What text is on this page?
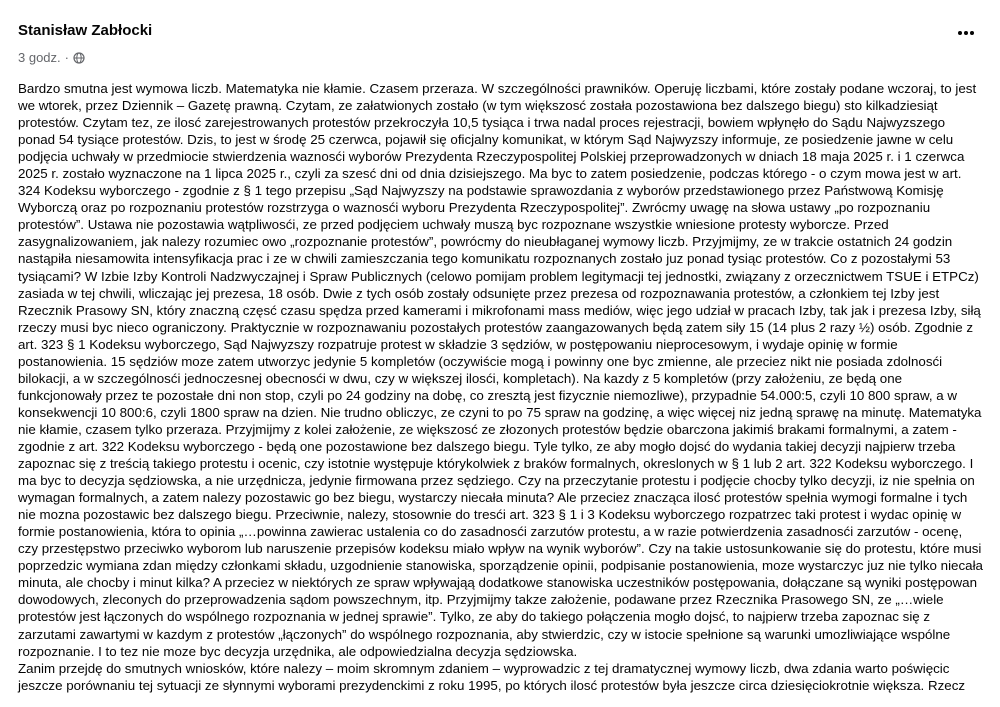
Stanisław Zabłocki
3 godz. ·

Bardzo smutna jest wymowa liczb. Matematyka nie kłamie. Czasem przeraza. W szczególności prawników. Operuję liczbami, które zostały podane wczoraj, to jest we wtorek, przez Dziennik – Gazetę prawną. Czytam, ze załatwionych zostało (w tym większosć została pozostawiona bez dalszego biegu) sto kilkadziesiąt protestów. Czytam tez, ze ilosć zarejestrowanych protestów przekroczyła 10,5 tysiąca i trwa nadal proces rejestracji, bowiem wpłynęło do Sądu Najwyzszego ponad 54 tysiące protestów. Dzis, to jest w środę 25 czerwca, pojawił się oficjalny komunikat, w którym Sąd Najwyzszy informuje, ze posiedzenie jawne w celu podjęcia uchwały w przedmiocie stwierdzenia waznosći wyborów Prezydenta Rzeczypospolitej Polskiej przeprowadzonych w dniach 18 maja 2025 r. i 1 czerwca 2025 r. zostało wyznaczone na 1 lipca 2025 r., czyli za szesć dni od dnia dzisiejszego. Ma byc to zatem posiedzenie, podczas którego - o czym mowa jest w art. 324 Kodeksu wyborczego - zgodnie z § 1 tego przepisu „Sąd Najwyzszy na podstawie sprawozdania z wyborów przedstawionego przez Państwową Komisję Wyborczą oraz po rozpoznaniu protestów rozstrzyga o waznosći wyboru Prezydenta Rzeczypospolitej”. Zwrócmy uwagę na słowa ustawy „po rozpoznaniu protestów”. Ustawa nie pozostawia wątpliwosći, ze przed podjęciem uchwały muszą byc rozpoznane wszystkie wniesione protesty wyborcze. Przed zasygnalizowaniem, jak nalezy rozumiec owo „rozpoznanie protestów”, powrócmy do nieubłaganej wymowy liczb. Przyjmijmy, ze w trakcie ostatnich 24 godzin nastąpiła niesamowita intensyfikacja prac i ze w chwili zamieszczania tego komunikatu rozpoznanych zostało juz ponad tysiąc protestów. Co z pozostałymi 53 tysiącami? W Izbie Izby Kontroli Nadzwyczajnej i Spraw Publicznych (celowo pomijam problem legitymacji tej jednostki, związany z orzecznictwem TSUE i ETPCz) zasiada w tej chwili, wliczając jej prezesa, 18 osób. Dwie z tych osób zostały odsunięte przez prezesa od rozpoznawania protestów, a członkiem tej Izby jest Rzecznik Prasowy SN, który znaczną częsć czasu spędza przed kamerami i mikrofonami mass mediów, więc jego udział w pracach Izby, tak jak i prezesa Izby, siłą rzeczy musi byc nieco ograniczony. Praktycznie w rozpoznawaniu pozostałych protestów zaangazowanych będą zatem siły 15 (14 plus 2 razy ½) osób. Zgodnie z art. 323 § 1 Kodeksu wyborczego, Sąd Najwyzszy rozpatruje protest w składzie 3 sędziów, w postępowaniu nieprocesowym, i wydaje opinię w formie postanowienia. 15 sędziów moze zatem utworzyc jedynie 5 kompletów (oczywiście mogą i powinny one byc zmienne, ale przeciez nikt nie posiada zdolnosći bilokacji, a w szczególnosći jednoczesnej obecnosći w dwu, czy w większej ilosći, kompletach). Na kazdy z 5 kompletów (przy założeniu, ze będą one funkcjonowały przez te pozostałe dni non stop, czyli po 24 godziny na dobę, co zresztą jest fizycznie niemozliwe), przypadnie 54.000:5, czyli 10 800 spraw, a w konsekwencji 10 800:6, czyli 1800 spraw na dzien. Nie trudno obliczyc, ze czyni to po 75 spraw na godzinę, a więc więcej niz jedną sprawę na minutę. Matematyka nie kłamie, czasem tylko przeraza. Przyjmijmy z kolei założenie, ze większosć ze złozonych protestów będzie obarczona jakimiś brakami formalnymi, a zatem - zgodnie z art. 322 Kodeksu wyborczego - będą one pozostawione bez dalszego biegu. Tyle tylko, ze aby mogło dojsć do wydania takiej decyzji najpierw trzeba zapoznac się z treścią takiego protestu i ocenic, czy istotnie występuje którykolwiek z braków formalnych, okreslonych w § 1 lub 2 art. 322 Kodeksu wyborczego. I ma byc to decyzja sędziowska, a nie urzędnicza, jedynie firmowana przez sędziego. Czy na przeczytanie protestu i podjęcie chocby tylko decyzji, iz nie spełnia on wymagan formalnych, a zatem nalezy pozostawic go bez biegu, wystarczy niecała minuta? Ale przeciez znacząca ilosć protestów spełnia wymogi formalne i tych nie mozna pozostawic bez dalszego biegu. Przeciwnie, nalezy, stosownie do tresći art. 323 § 1 i 3 Kodeksu wyborczego rozpatrzec taki protest i wydac opinię w formie postanowienia, która to opinia „…powinna zawierac ustalenia co do zasadnosći zarzutów protestu, a w razie potwierdzenia zasadnosći zarzutów - ocenę, czy przestępstwo przeciwko wyborom lub naruszenie przepisów kodeksu miało wpływ na wynik wyborów”. Czy na takie ustosunkowanie się do protestu, które musi poprzedzic wymiana zdan między członkami składu, uzgodnienie stanowiska, sporządzenie opinii, podpisanie postanowienia, moze wystarczyc juz nie tylko niecała minuta, ale chocby i minut kilka? A przeciez w niektórych ze spraw wpływająą dodatkowe stanowiska uczestników postępowania, dołączane są wyniki postępowan dowodowych, zleconych do przeprowadzenia sądom powszechnym, itp. Przyjmijmy takze założenie, podawane przez Rzecznika Prasowego SN, ze „…wiele protestów jest łączonych do wspólnego rozpoznania w jednej sprawie”. Tylko, ze aby do takiego połączenia mogło dojsć, to najpierw trzeba zapoznac się z zarzutami zawartymi w kazdym z protestów „łączonych” do wspólnego rozpoznania, aby stwierdzic, czy w istocie spełnione są warunki umozliwiające wspólne rozpoznanie. I to tez nie moze byc decyzja urzędnika, ale odpowiedzialna decyzja sędziowska.

Zanim przejdę do smutnych wniosków, które nalezy – moim skromnym zdaniem – wyprowadzic z tej dramatycznej wymowy liczb, dwa zdania warto poświęcic jeszcze porównaniu tej sytuacji ze słynnymi wyborami prezydenckimi z roku 1995, po których ilosć protestów była jeszcze circa dziesięciokrotnie większa. Rzecz
